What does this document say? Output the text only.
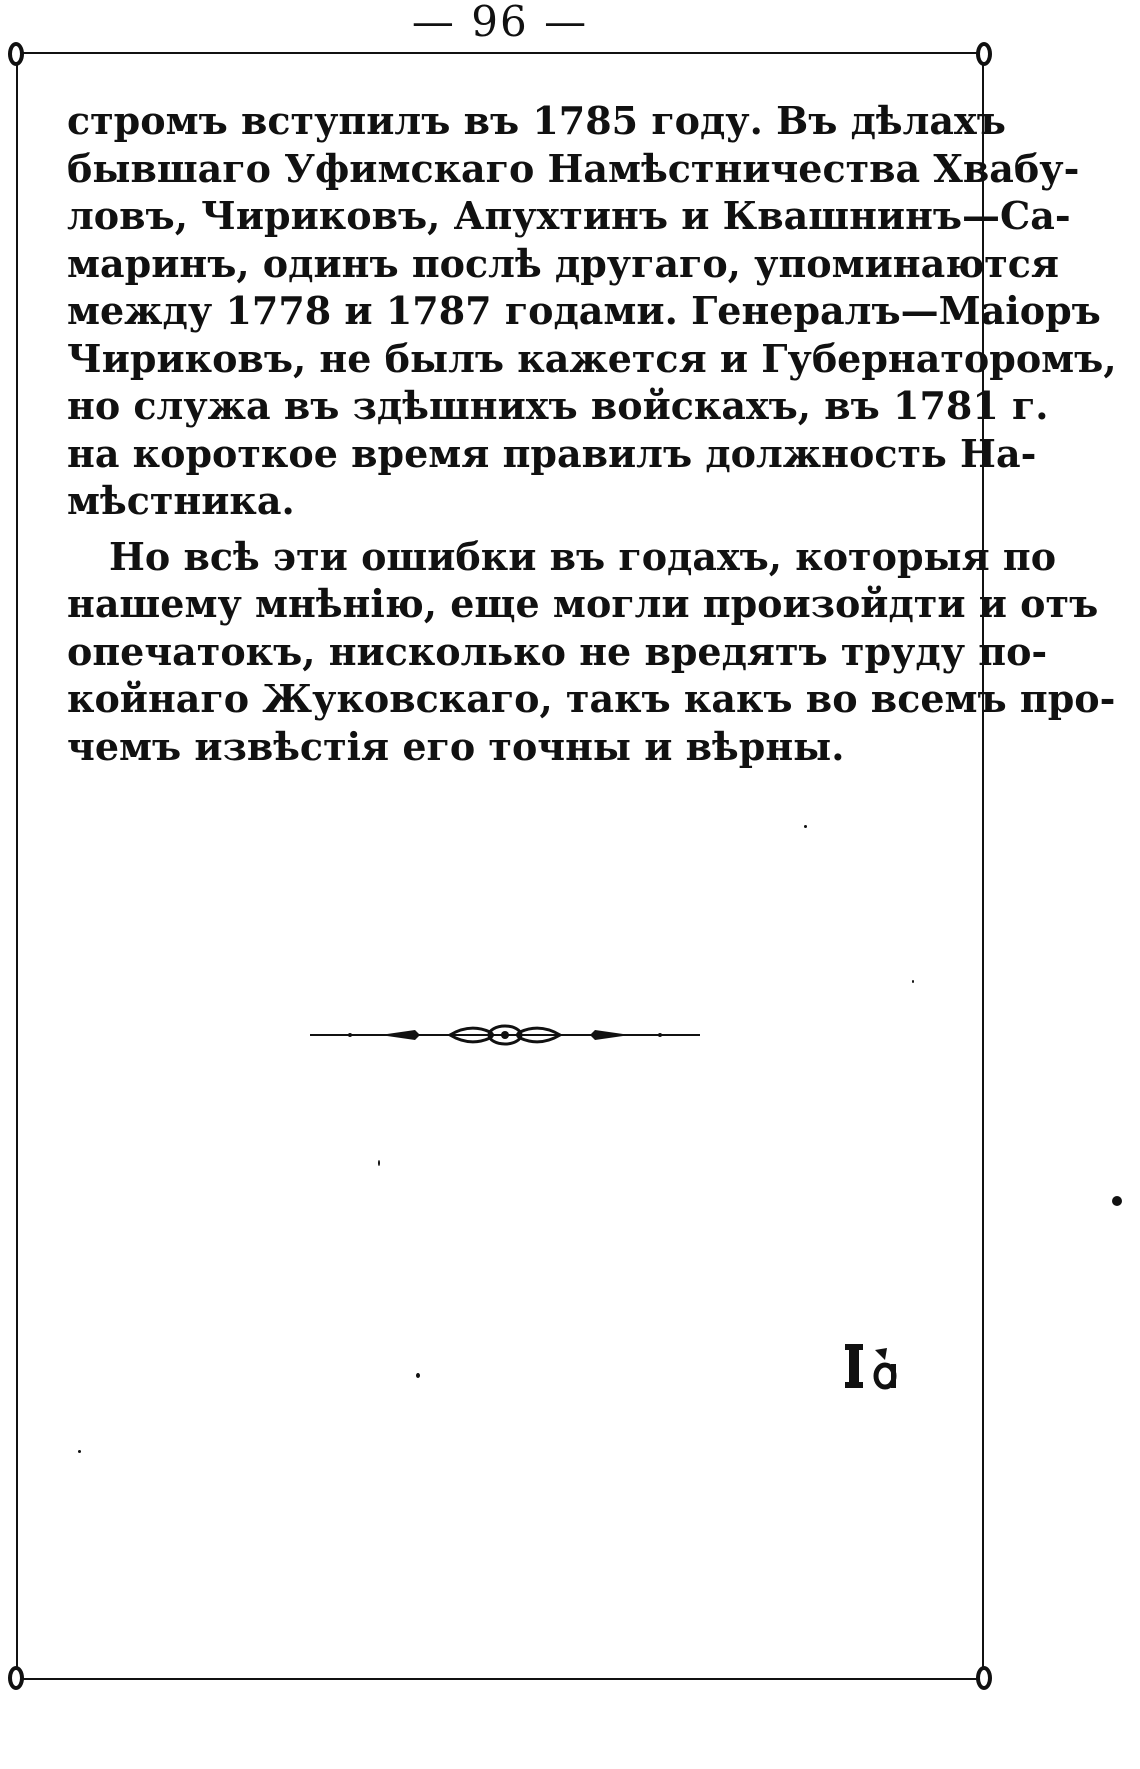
— 96 —

стромъ вступилъ въ 1785 году. Въ дѣлахъ
бывшаго Уфимскаго Намѣстничества Хвабу-
ловъ, Чириковъ, Апухтинъ и Квашнинъ—Са-
маринъ, одинъ послѣ другаго, упоминаются
между 1778 и 1787 годами. Генералъ—Маіоръ
Чириковъ, не былъ кажется и Губернаторомъ,
но служа въ здѣшнихъ войскахъ, въ 1781 г.
на короткое время правилъ должность На-
мѣстника.

Но всѣ эти ошибки въ годахъ, которыя по
нашему мнѣнію, еще могли произойдти и отъ
опечатокъ, нисколько не вредятъ труду по-
койнаго Жуковскаго, такъ какъ во всемъ про-
чемъ извѣстія его точны и вѣрны.
